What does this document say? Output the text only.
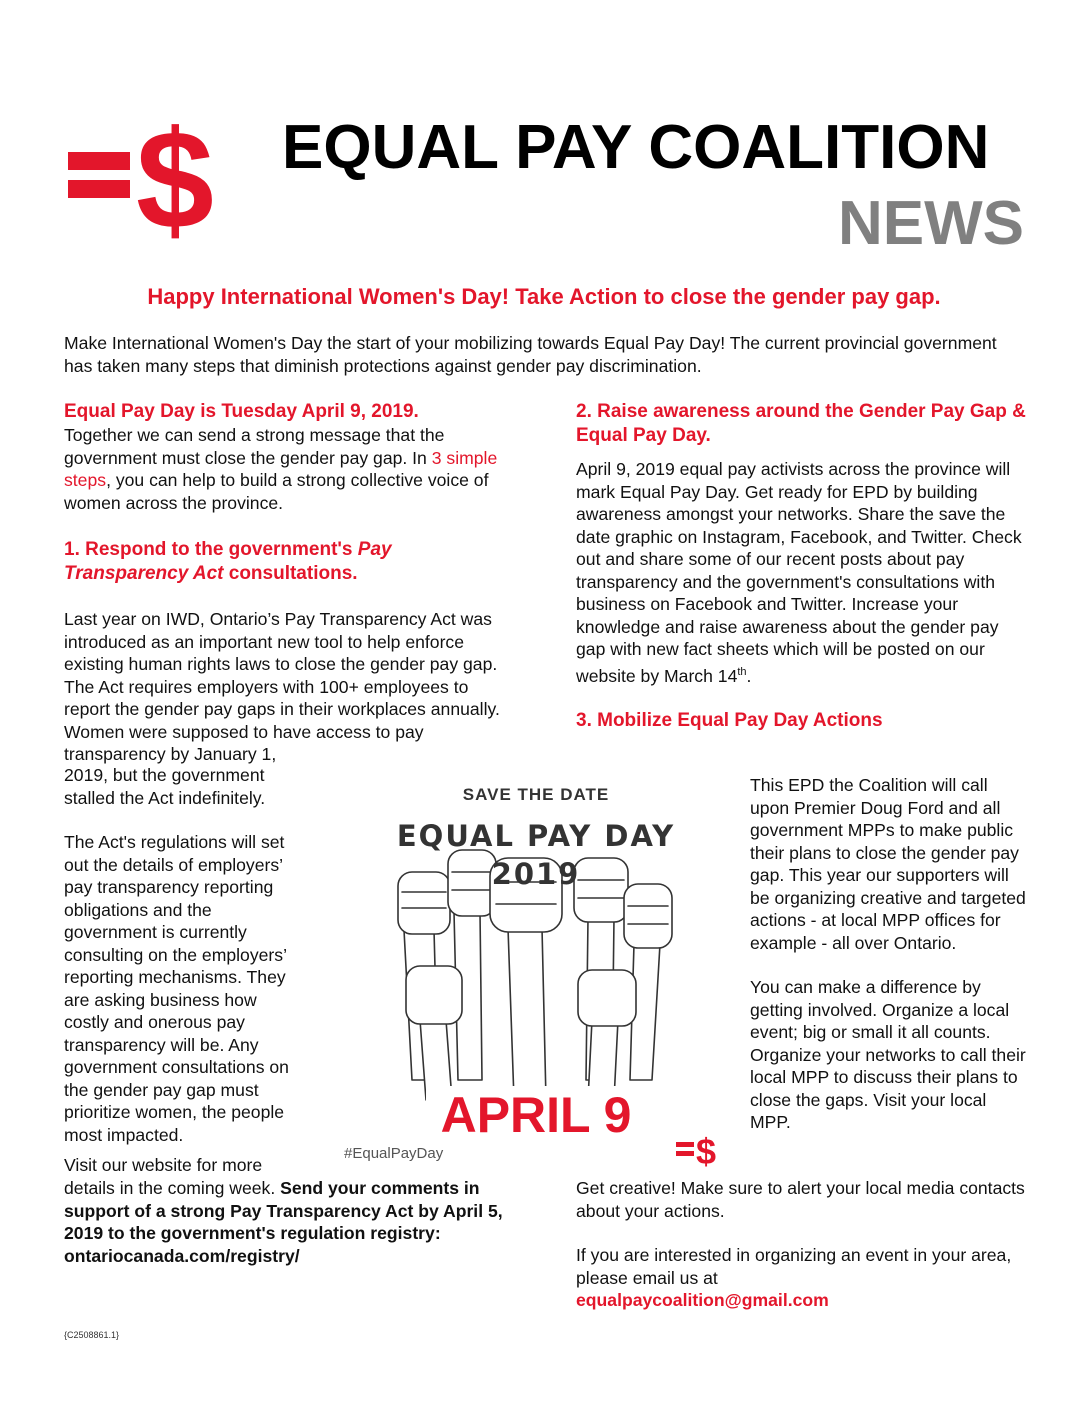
$ EQUAL PAY COALITION
NEWS
Happy International Women's Day! Take Action to close the gender pay gap.
Make International Women's Day the start of your mobilizing towards Equal Pay Day! The current provincial government has taken many steps that diminish protections against gender pay discrimination.

Equal Pay Day is Tuesday April 9, 2019.

Together we can send a strong message that the government must close the gender pay gap. In 3 simple steps, you can help to build a strong collective voice of women across the province.

1. Respond to the government's Pay Transparency Act consultations.

Last year on IWD, Ontario’s Pay Transparency Act was introduced as an important new tool to help enforce existing human rights laws to close the gender pay gap. The Act requires employers with 100+ employees to report the gender pay gaps in their workplaces annually. Women were supposed to have access to pay transparency by January 1,

2019, but the government stalled the Act indefinitely.

The Act's regulations will set out the details of employers’ pay transparency reporting obligations and the government is currently consulting on the employers’ reporting mechanisms. They are asking business how costly and onerous pay transparency will be. Any government consultations on the gender pay gap must prioritize women, the people most impacted.

Visit our website for more

details in the coming week. Send your comments in support of a strong Pay Transparency Act by April 5, 2019 to the government's regulation registry: ontariocanada.com/registry/

2. Raise awareness around the Gender Pay Gap & Equal Pay Day.

April 9, 2019 equal pay activists across the province will mark Equal Pay Day. Get ready for EPD by building awareness amongst your networks. Share the save the date graphic on Instagram, Facebook, and Twitter. Check out and share some of our recent posts about pay transparency and the government's consultations with business on Facebook and Twitter. Increase your knowledge and raise awareness about the gender pay gap with new fact sheets which will be posted on our website by March 14th.

3. Mobilize Equal Pay Day Actions

This EPD the Coalition will call upon Premier Doug Ford and all government MPPs to make public their plans to close the gender pay gap. This year our supporters will be organizing creative and targeted actions - at local MPP offices for example - all over Ontario.

You can make a difference by getting involved. Organize a local event; big or small it all counts. Organize your networks to call their local MPP to discuss their plans to close the gaps. Visit your local MPP.

Get creative! Make sure to alert your local media contacts about your actions.

If you are interested in organizing an event in your area, please email us at

equalpaycoalition@gmail.com

SAVE THE DATE
EQUAL PAY DAY
2019
APRIL 9
#EqualPayDay	$
{C2508861.1}
